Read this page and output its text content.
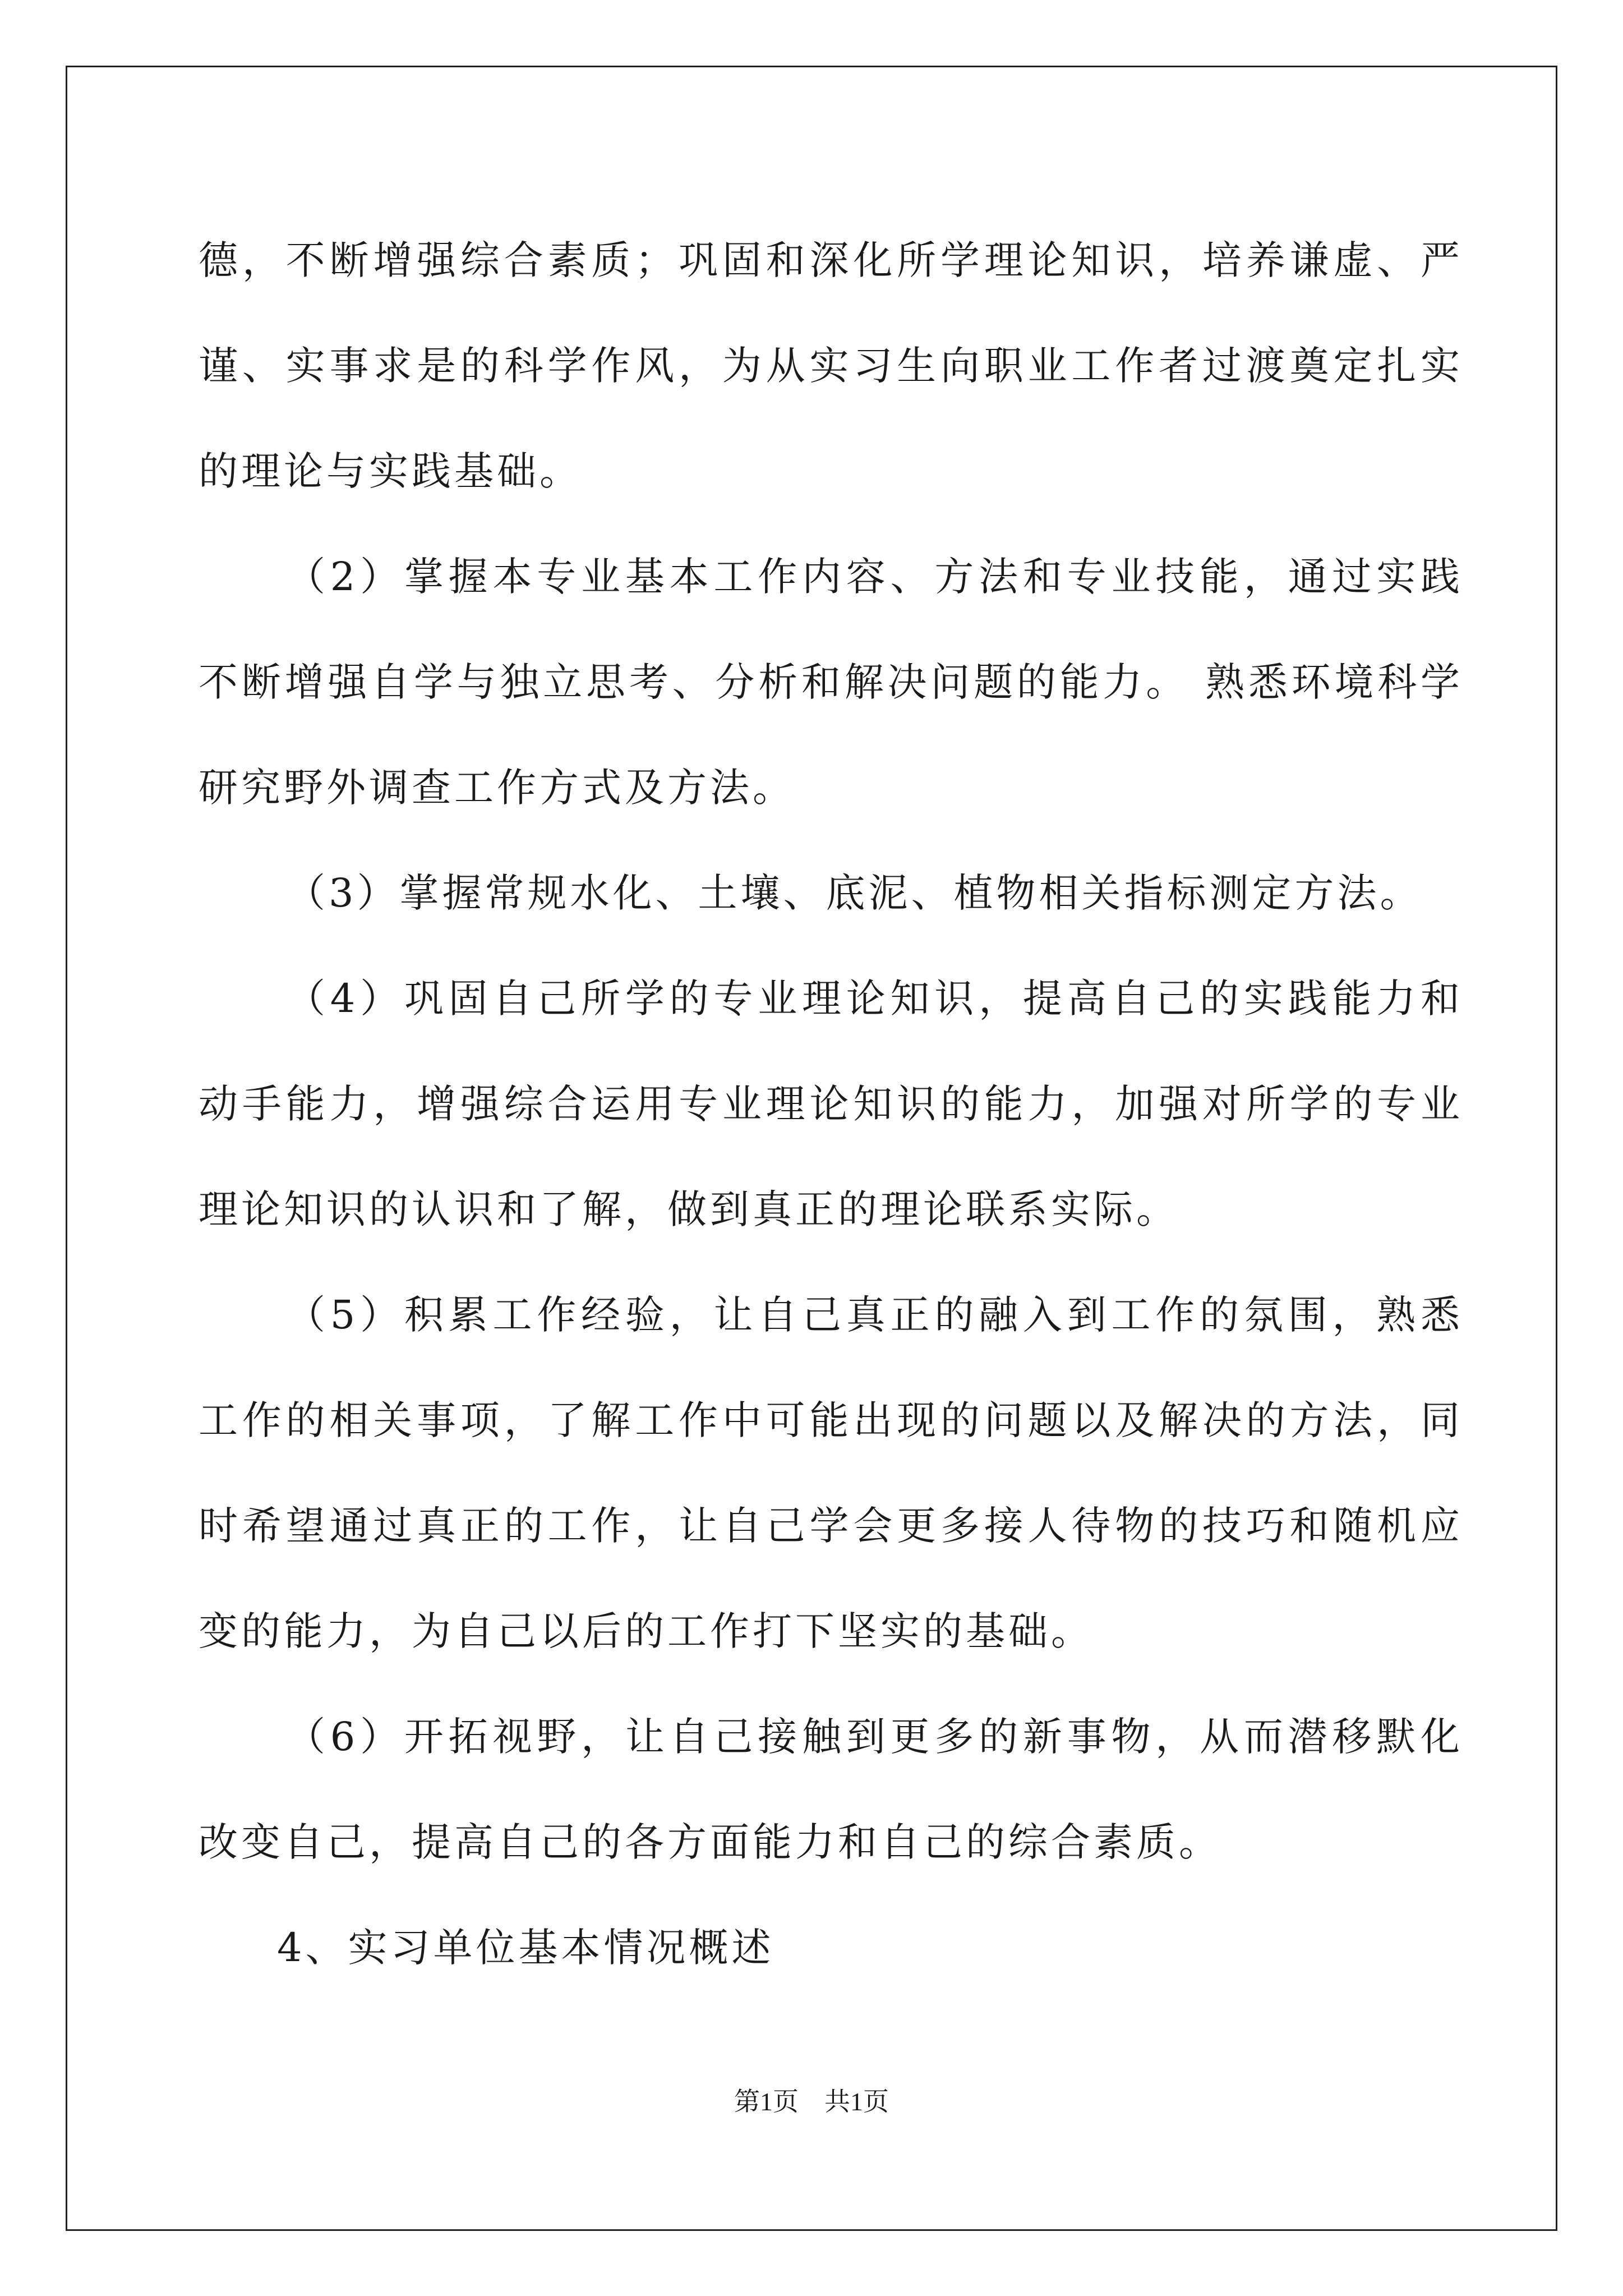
德，不断增强综合素质；巩固和深化所学理论知识，培养谦虚、严谨、实事求是的科学作风，为从实习生向职业工作者过渡奠定扎实的理论与实践基础。

（2）掌握本专业基本工作内容、方法和专业技能，通过实践不断增强自学与独立思考、分析和解决问题的能力。 熟悉环境科学研究野外调查工作方式及方法。

（3）掌握常规水化、土壤、底泥、植物相关指标测定方法。

（4）巩固自己所学的专业理论知识，提高自己的实践能力和动手能力，增强综合运用专业理论知识的能力，加强对所学的专业理论知识的认识和了解，做到真正的理论联系实际。

（5）积累工作经验，让自己真正的融入到工作的氛围，熟悉工作的相关事项，了解工作中可能出现的问题以及解决的方法，同时希望通过真正的工作，让自己学会更多接人待物的技巧和随机应变的能力，为自己以后的工作打下坚实的基础。

（6）开拓视野，让自己接触到更多的新事物，从而潜移默化改变自己，提高自己的各方面能力和自己的综合素质。

4、实习单位基本情况概述

第1页 共1页
